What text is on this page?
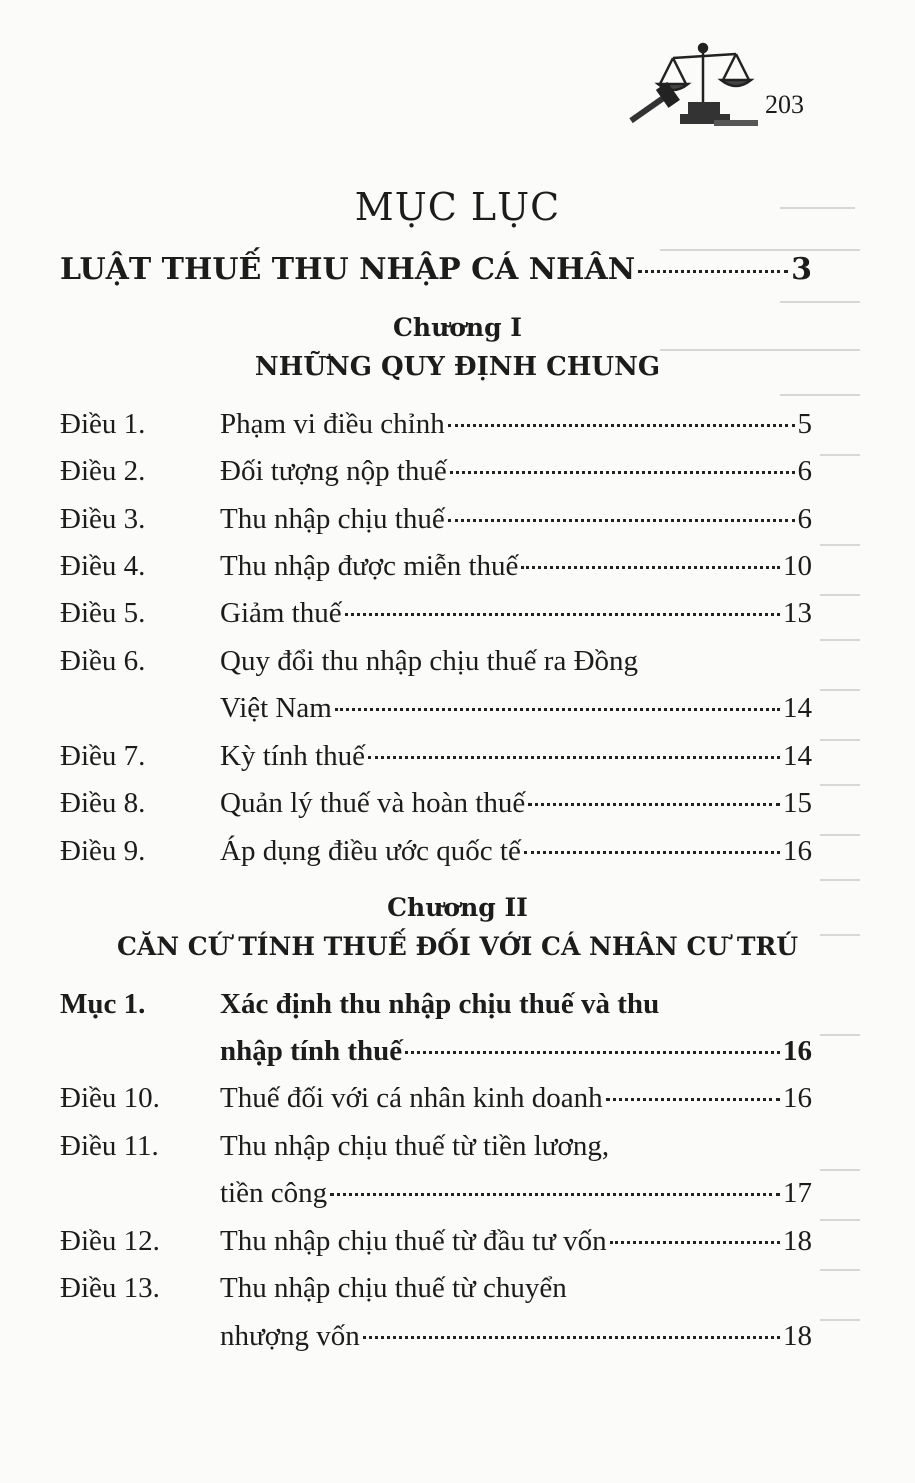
203
MỤC LỤC
LUẬT THUẾ THU NHẬP CÁ NHÂN	3
Chương I
NHỮNG QUY ĐỊNH CHUNG
Điều 1.	Phạm vi điều chỉnh	5
Điều 2.	Đối tượng nộp thuế	6
Điều 3.	Thu nhập chịu thuế	6
Điều 4.	Thu nhập được miễn thuế	10
Điều 5.	Giảm thuế	13
Điều 6.	Quy đổi thu nhập chịu thuế ra Đồng
Việt Nam	14
Điều 7.	Kỳ tính thuế	14
Điều 8.	Quản lý thuế và hoàn thuế	15
Điều 9.	Áp dụng điều ước quốc tế	16
Chương II
CĂN CỨ TÍNH THUẾ ĐỐI VỚI CÁ NHÂN CƯ TRÚ
Mục 1.	Xác định thu nhập chịu thuế và thu
nhập tính thuế	16
Điều 10. Thuế đối với cá nhân kinh doanh	16
Điều 11. Thu nhập chịu thuế từ tiền lương,
tiền công	17
Điều 12. Thu nhập chịu thuế từ đầu tư vốn	18
Điều 13. Thu nhập chịu thuế từ chuyển
nhượng vốn	18
